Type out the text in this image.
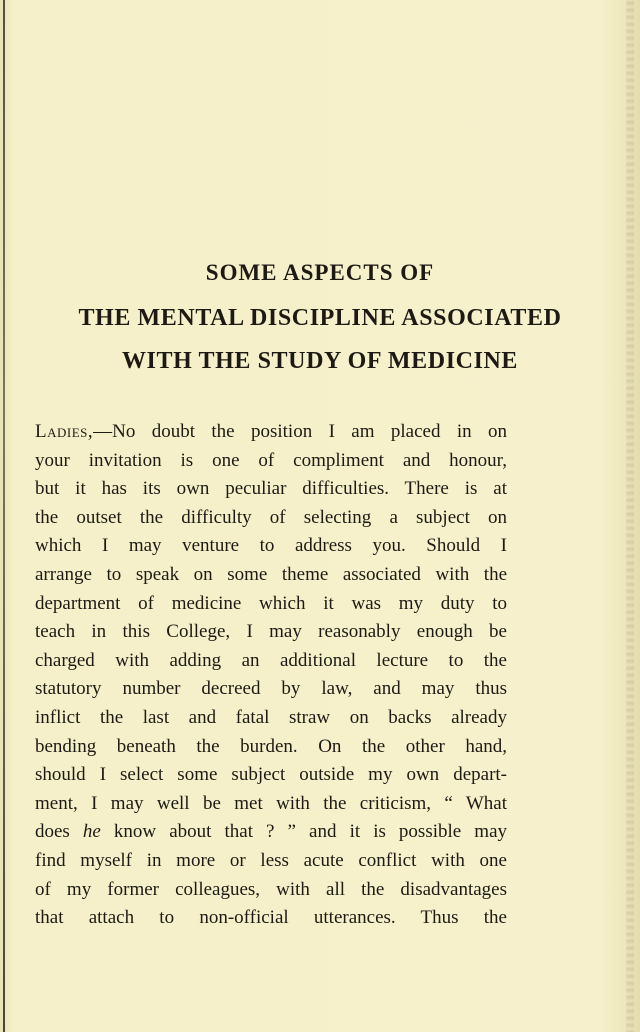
SOME ASPECTS OF
THE MENTAL DISCIPLINE ASSOCIATED
WITH THE STUDY OF MEDICINE
Ladies,—No doubt the position I am placed in on
your invitation is one of compliment and honour,
but it has its own peculiar difficulties. There is at
the outset the difficulty of selecting a subject on
which I may venture to address you. Should I
arrange to speak on some theme associated with the
department of medicine which it was my duty to
teach in this College, I may reasonably enough be
charged with adding an additional lecture to the
statutory number decreed by law, and may thus
inflict the last and fatal straw on backs already
bending beneath the burden. On the other hand,
should I select some subject outside my own depart-
ment, I may well be met with the criticism, “ What
does he know about that ? ” and it is possible may
find myself in more or less acute conflict with one
of my former colleagues, with all the disadvantages
that attach to non-official utterances. Thus the
